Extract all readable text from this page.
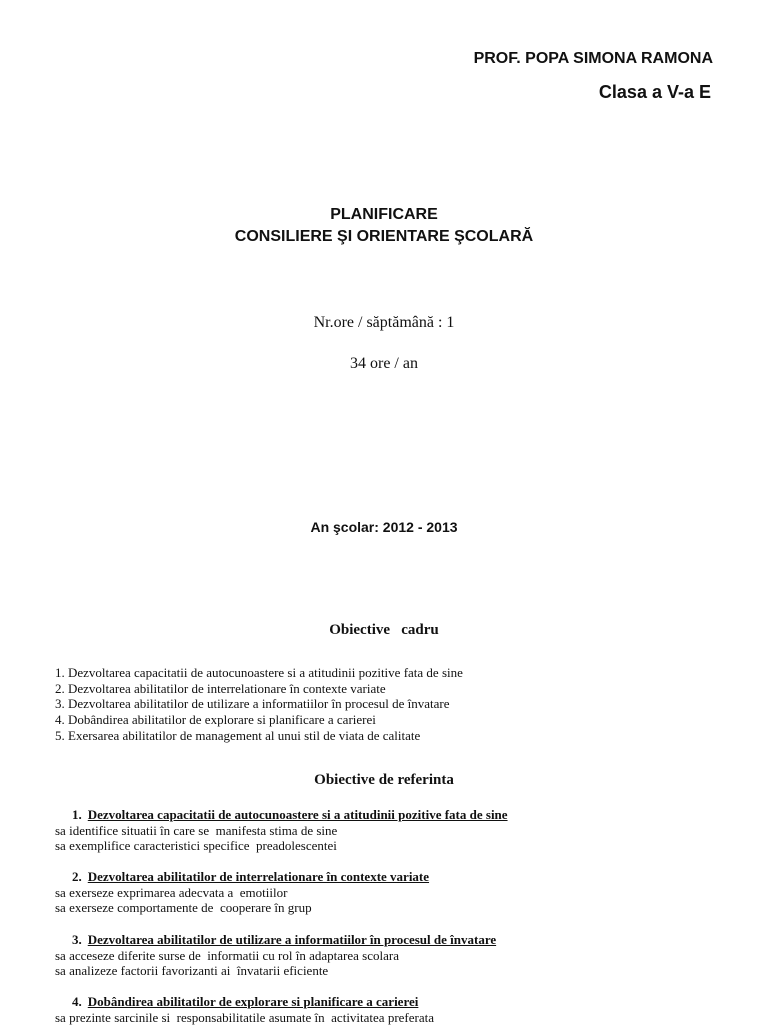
PROF. POPA SIMONA RAMONA
Clasa a V-a E
PLANIFICARE
CONSILIERE ŞI ORIENTARE ŞCOLARĂ
Nr.ore / săptămână : 1
34 ore / an
An şcolar: 2012 - 2013
Obiective   cadru
1. Dezvoltarea capacitatii de autocunoastere si a atitudinii pozitive fata de sine
2. Dezvoltarea abilitatilor de interrelationare în contexte variate
3. Dezvoltarea abilitatilor de utilizare a informatiilor în procesul de învatare
4. Dobândirea abilitatilor de explorare si planificare a carierei
5. Exersarea abilitatilor de management al unui stil de viata de calitate
Obiective de referinta
1. Dezvoltarea capacitatii de autocunoastere si a atitudinii pozitive fata de sine
sa identifice situatii în care se  manifesta stima de sine
sa exemplifice caracteristici specifice  preadolescentei
2. Dezvoltarea abilitatilor de interrelationare în contexte variate
sa exerseze exprimarea adecvata a  emotiilor
sa exerseze comportamente de  cooperare în grup
3. Dezvoltarea abilitatilor de utilizare a informatiilor în procesul de învatare
sa acceseze diferite surse de  informatii cu rol în adaptarea scolara
sa analizeze factorii favorizanti ai  învatarii eficiente
4. Dobândirea abilitatilor de explorare si planificare a carierei
sa prezinte sarcinile si  responsabilitatile asumate în  activitatea preferata
